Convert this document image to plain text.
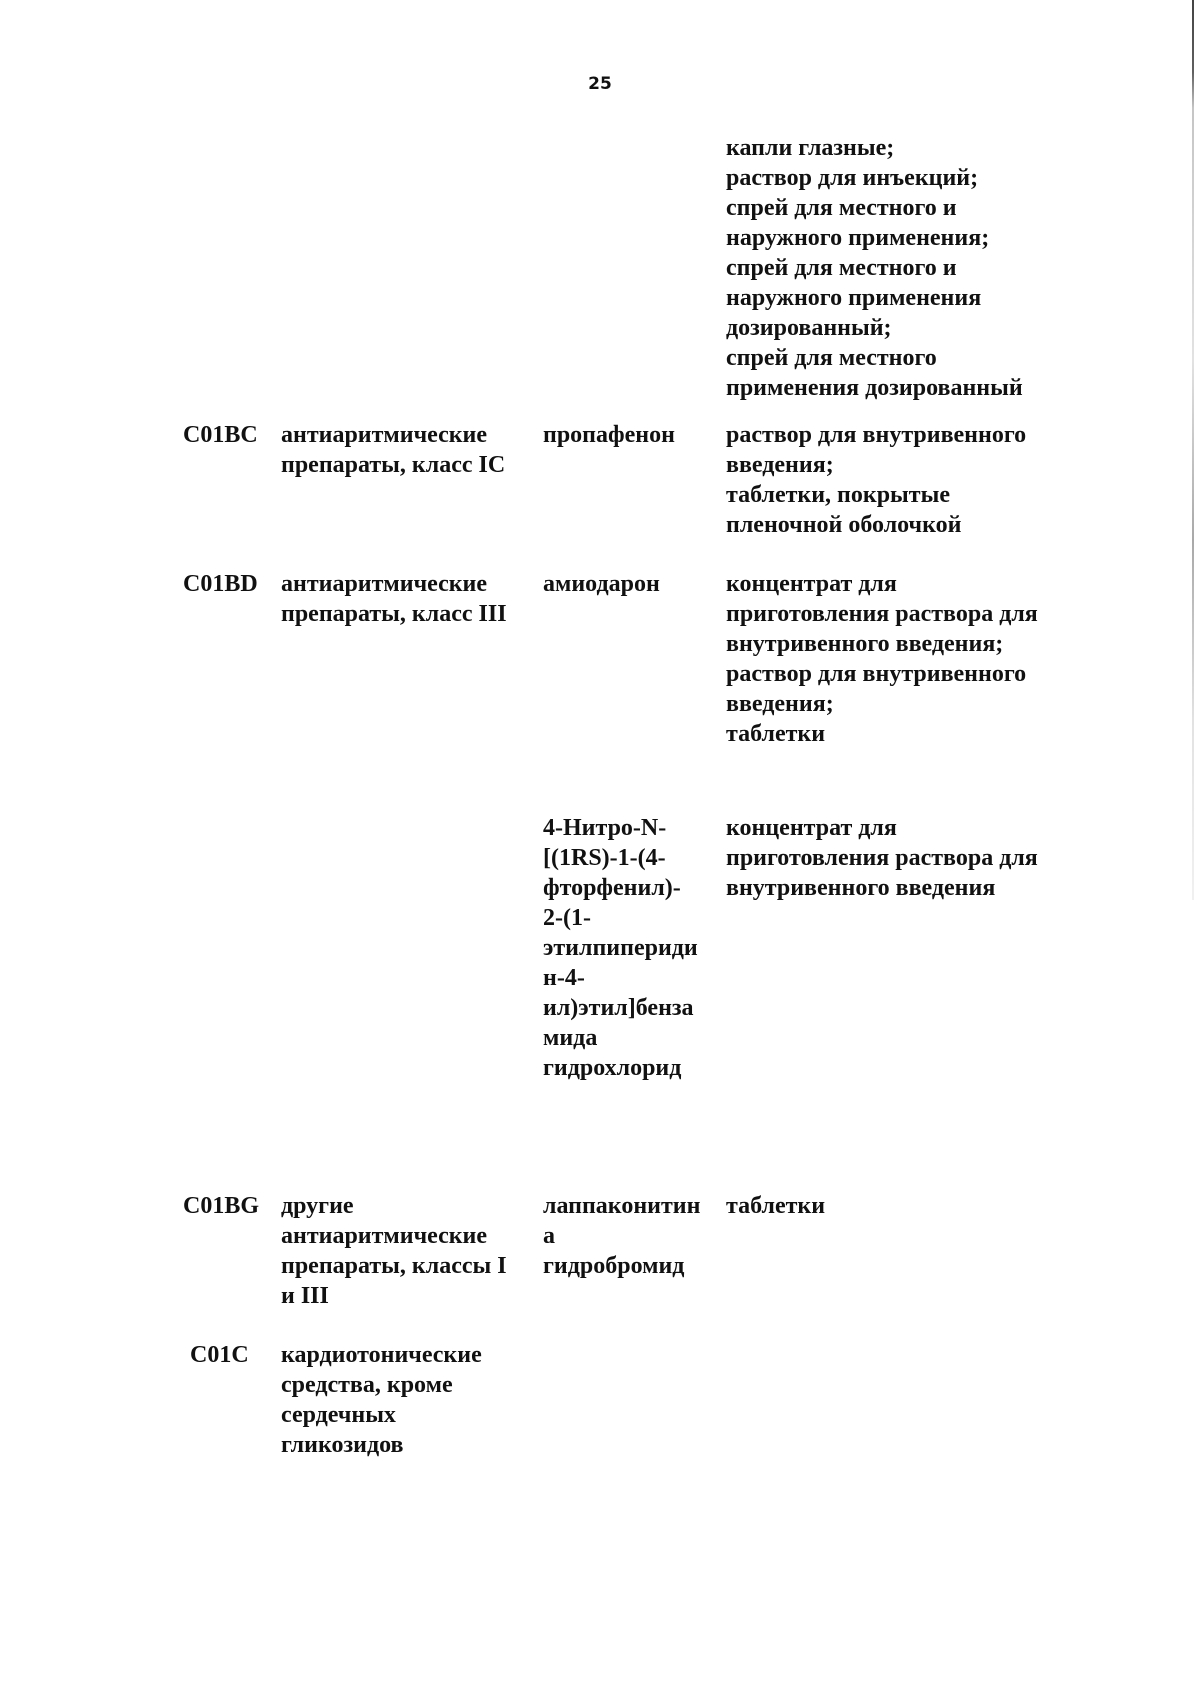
25
капли глазные;
раствор для инъекций;
спрей для местного и
наружного применения;
спрей для местного и
наружного применения
дозированный;
спрей для местного
применения дозированный
C01BC антиаритмические
препараты, класс IC
пропафенон раствор для внутривенного
введения;
таблетки, покрытые
пленочной оболочкой
C01BD антиаритмические
препараты, класс III
амиодарон	концентрат для
приготовления раствора для
внутривенного введения;
раствор для внутривенного
введения;
таблетки
4-Нитро-N-
[(1RS)-1-(4-
фторфенил)-
2-(1-
этилпипериди
н-4-
ил)этил]бенза
мида
гидрохлорид
концентрат для
приготовления раствора для
внутривенного введения
C01BG другие
антиаритмические
препараты, классы I
и III
лаппаконитин
а
гидробромид
таблетки
C01C кардиотонические
средства, кроме
сердечных
гликозидов
